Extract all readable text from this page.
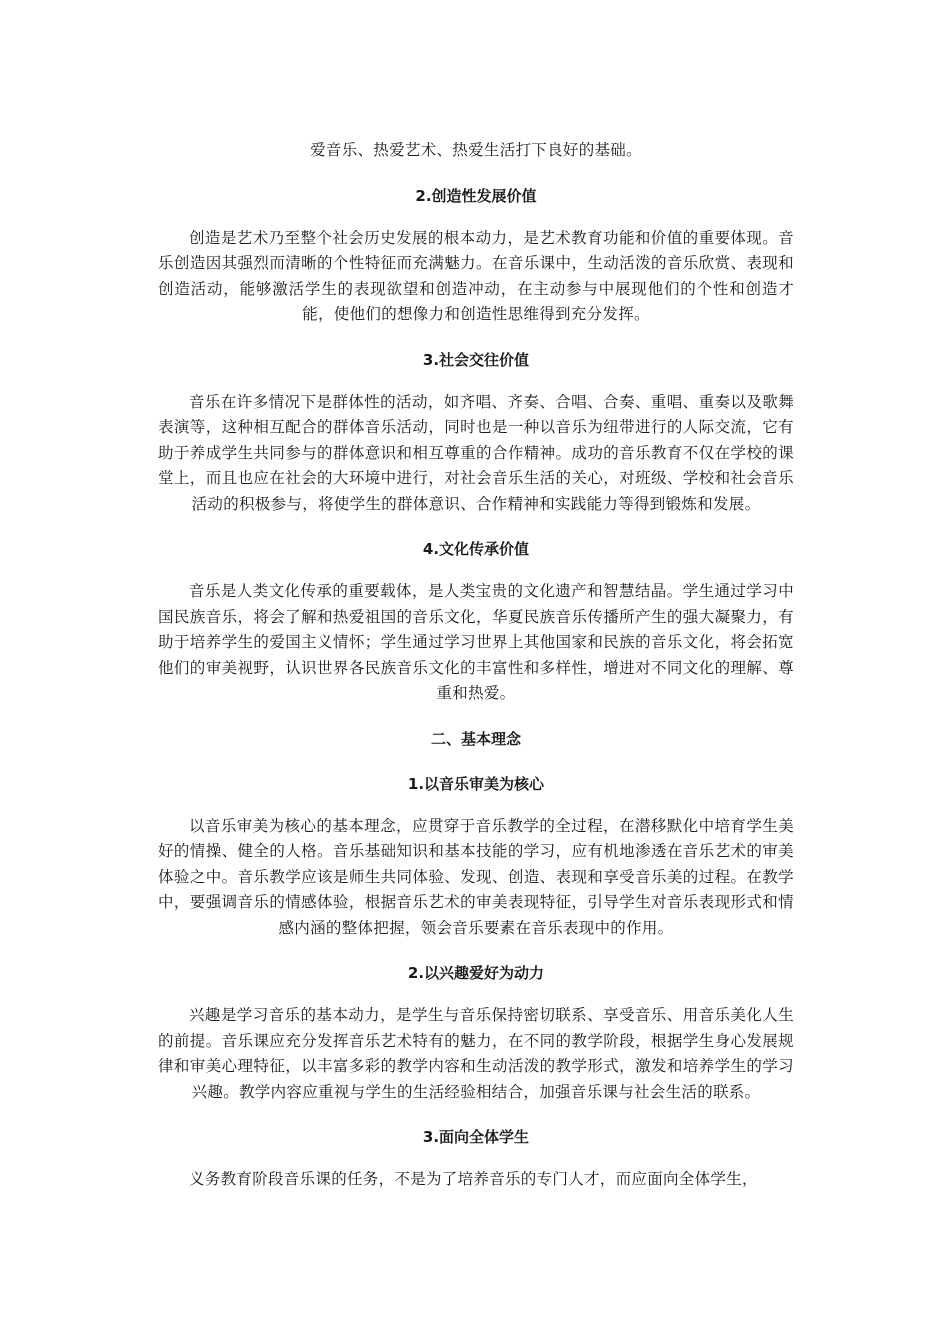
爱音乐、热爱艺术、热爱生活打下良好的基础。

2.创造性发展价值

创造是艺术乃至整个社会历史发展的根本动力，是艺术教育功能和价值的重要体现。音乐创造因其强烈而清晰的个性特征而充满魅力。在音乐课中，生动活泼的音乐欣赏、表现和创造活动，能够激活学生的表现欲望和创造冲动，在主动参与中展现他们的个性和创造才能，使他们的想像力和创造性思维得到充分发挥。

3.社会交往价值

音乐在许多情况下是群体性的活动，如齐唱、齐奏、合唱、合奏、重唱、重奏以及歌舞表演等，这种相互配合的群体音乐活动，同时也是一种以音乐为纽带进行的人际交流，它有助于养成学生共同参与的群体意识和相互尊重的合作精神。成功的音乐教育不仅在学校的课堂上，而且也应在社会的大环境中进行，对社会音乐生活的关心，对班级、学校和社会音乐活动的积极参与，将使学生的群体意识、合作精神和实践能力等得到锻炼和发展。

4.文化传承价值

音乐是人类文化传承的重要载体，是人类宝贵的文化遗产和智慧结晶。学生通过学习中国民族音乐，将会了解和热爱祖国的音乐文化，华夏民族音乐传播所产生的强大凝聚力，有助于培养学生的爱国主义情怀；学生通过学习世界上其他国家和民族的音乐文化，将会拓宽他们的审美视野，认识世界各民族音乐文化的丰富性和多样性，增进对不同文化的理解、尊重和热爱。

二、基本理念

1.以音乐审美为核心

以音乐审美为核心的基本理念，应贯穿于音乐教学的全过程，在潜移默化中培育学生美好的情操、健全的人格。音乐基础知识和基本技能的学习，应有机地渗透在音乐艺术的审美体验之中。音乐教学应该是师生共同体验、发现、创造、表现和享受音乐美的过程。在教学中，要强调音乐的情感体验，根据音乐艺术的审美表现特征，引导学生对音乐表现形式和情感内涵的整体把握，领会音乐要素在音乐表现中的作用。

2.以兴趣爱好为动力

兴趣是学习音乐的基本动力，是学生与音乐保持密切联系、享受音乐、用音乐美化人生的前提。音乐课应充分发挥音乐艺术特有的魅力，在不同的教学阶段，根据学生身心发展规律和审美心理特征，以丰富多彩的教学内容和生动活泼的教学形式，激发和培养学生的学习兴趣。教学内容应重视与学生的生活经验相结合，加强音乐课与社会生活的联系。

3.面向全体学生

义务教育阶段音乐课的任务，不是为了培养音乐的专门人才，而应面向全体学生，
